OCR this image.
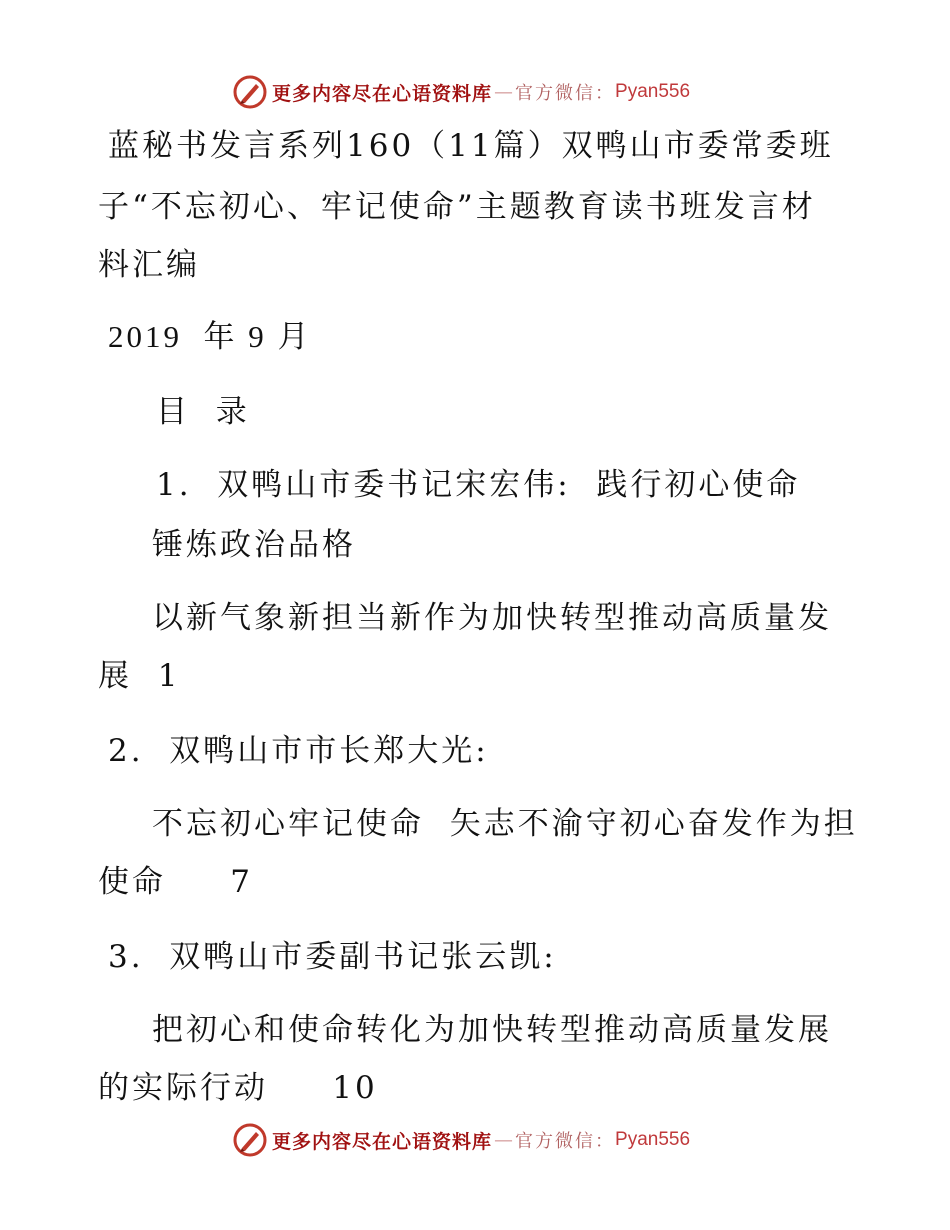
更多内容尽在心语资料库 — 官方微信： Pyan556
蓝秘书发言系列160（11篇）双鸭山市委常委班
子“不忘初心、牢记使命”主题教育读书班发言材
料汇编
2019  年 9 月
目  录
1.  双鸭山市委书记宋宏伟:  践行初心使命
锤炼政治品格
以新气象新担当新作为加快转型推动高质量发
展  1
2.  双鸭山市市长郑大光:
不忘初心牢记使命  矢志不渝守初心奋发作为担
使命     7
3.  双鸭山市委副书记张云凯:
把初心和使命转化为加快转型推动高质量发展
的实际行动     10
更多内容尽在心语资料库 — 官方微信： Pyan556
